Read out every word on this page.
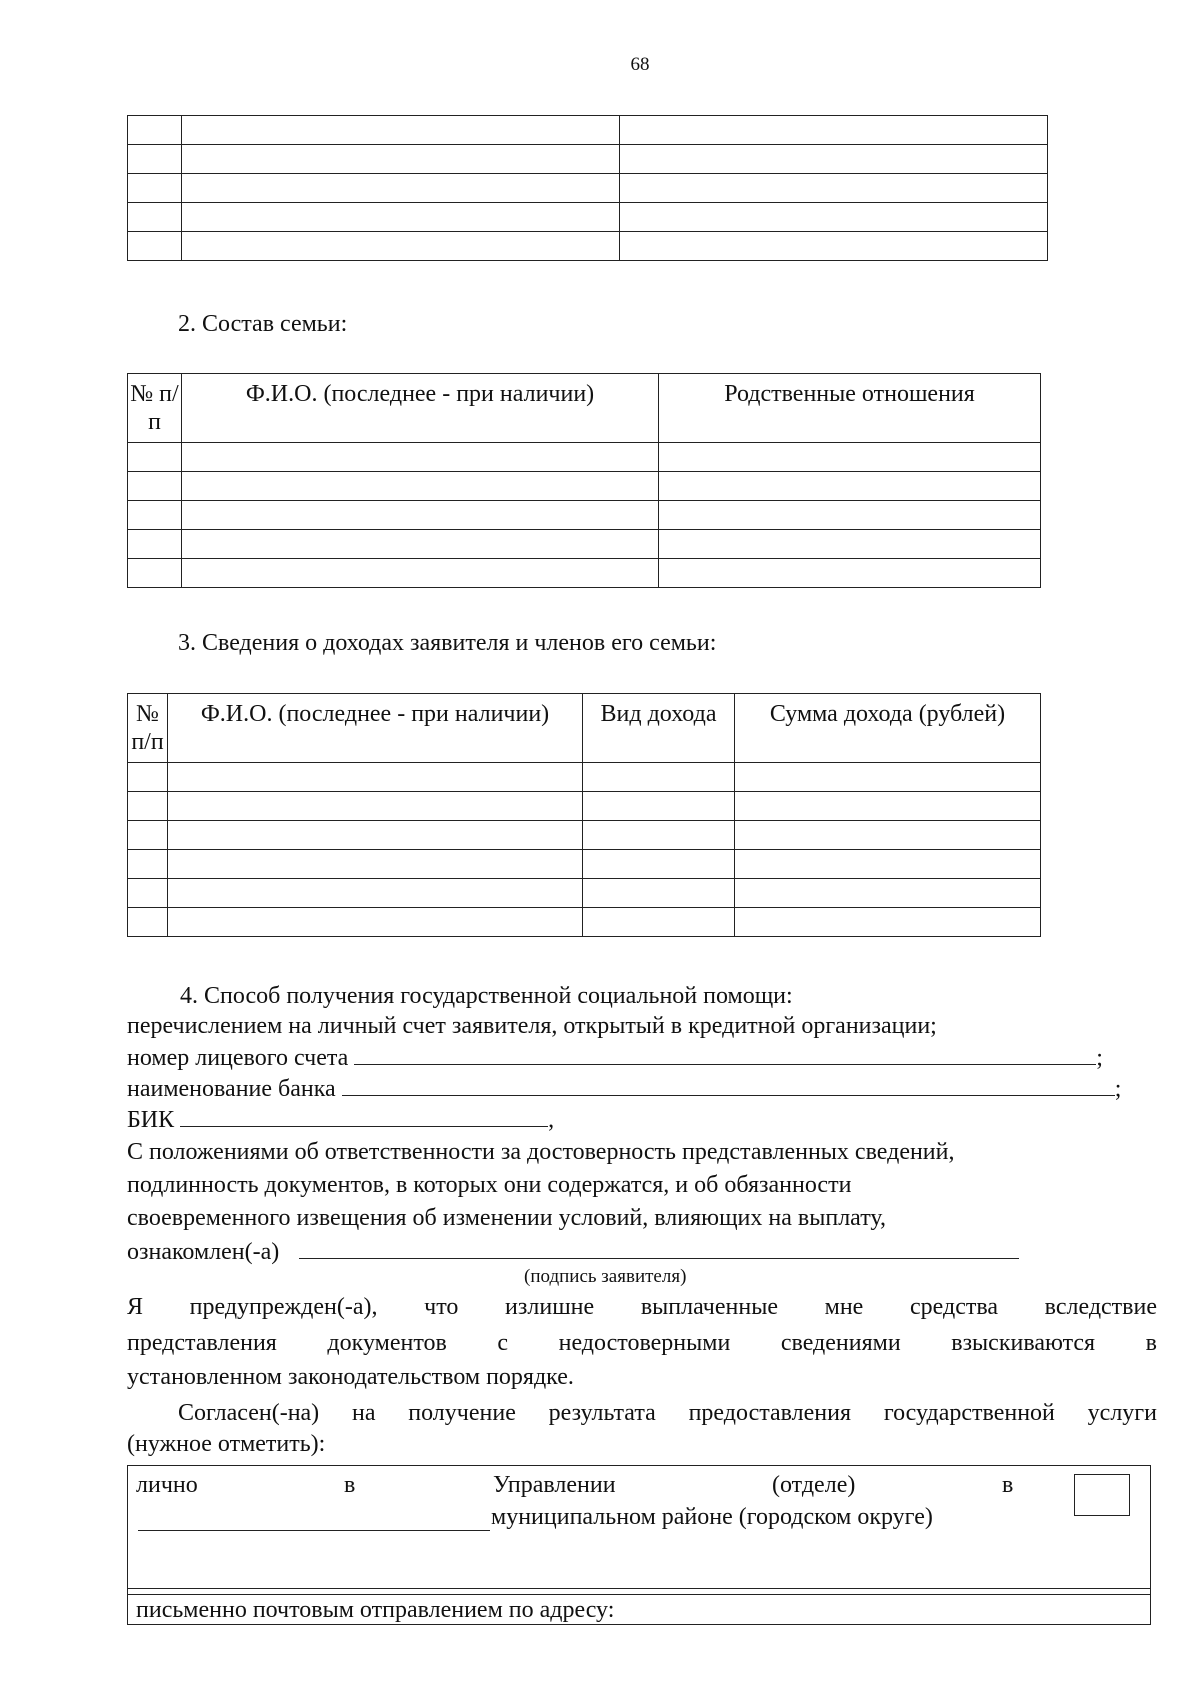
68

2. Состав семьи:
№ п/п	Ф.И.О. (последнее - при наличии)	Родственные отношения

3. Сведения о доходах заявителя и членов его семьи:
№ п/п	Ф.И.О. (последнее - при наличии)	Вид дохода	Сумма дохода (рублей)

4. Способ получения государственной социальной помощи:
перечислением на личный счет заявителя, открытый в кредитной организации;
номер лицевого счета	;
наименование банка	;
БИК	,
С положениями об ответственности за достоверность представленных сведений,
подлинность документов, в которых они содержатся, и об обязанности
своевременного извещения об изменении условий, влияющих на выплату,
ознакомлен(-а)
(подпись заявителя)
Я предупрежден(-а), что излишне выплаченные мне средства вследствие
представления документов с недостоверными сведениями взыскиваются в
установленном законодательством порядке.
Согласен(-на) на получение результата предоставления государственной услуги
(нужное отметить):
лично	в	Управлении	(отделе)	в
муниципальном районе (городском округе)
письменно почтовым отправлением по адресу:
